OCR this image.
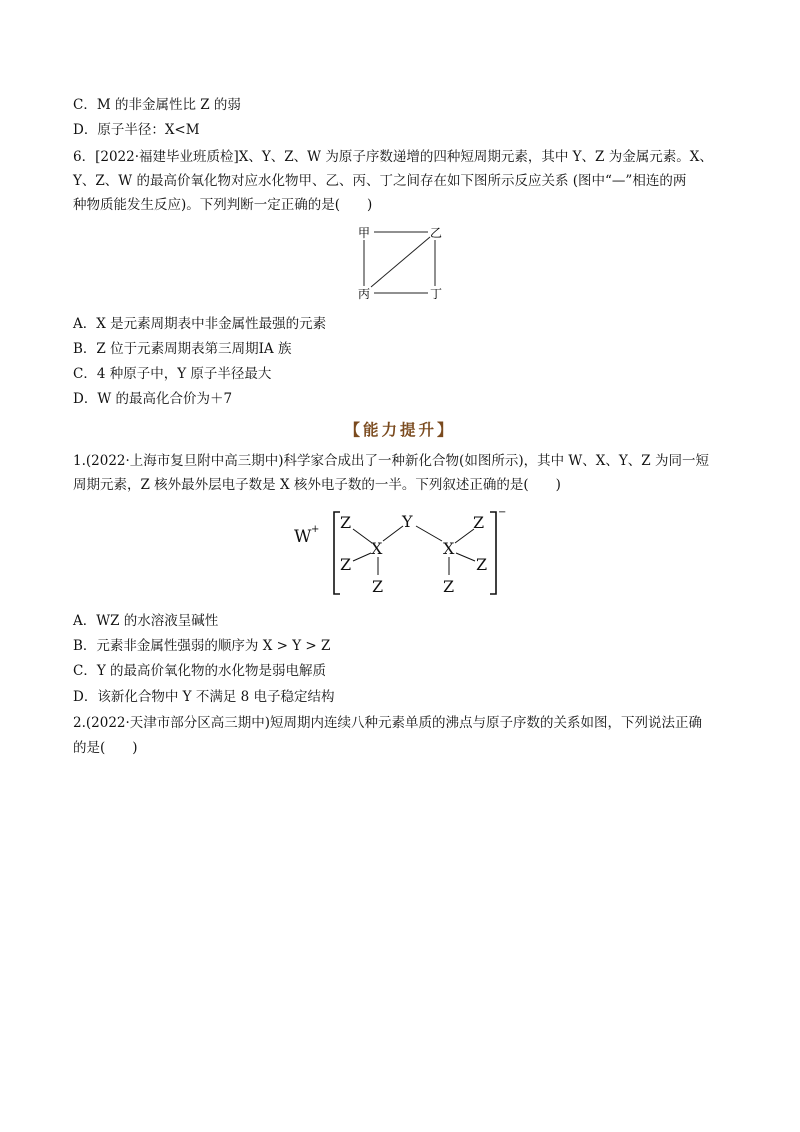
C．M 的非金属性比 Z 的弱
D．原子半径：X<M
6．[2022·福建毕业班质检]X、Y、Z、W 为原子序数递增的四种短周期元素，其中 Y、Z 为金属元素。X、
Y、Z、W 的最高价氧化物对应水化物甲、乙、丙、丁之间存在如下图所示反应关系 (图中“—”相连的两
种物质能发生反应)。下列判断一定正确的是(　　)
甲	乙
丙	丁
A．X 是元素周期表中非金属性最强的元素
B．Z 位于元素周期表第三周期ⅠA 族
C．4 种原子中，Y 原子半径最大
D．W 的最高化合价为＋7
【能力提升】
1.(2022·上海市复旦附中高三期中)科学家合成出了一种新化合物(如图所示)，其中 W、X、Y、Z 为同一短
周期元素，Z 核外最外层电子数是 X 核外电子数的一半。下列叙述正确的是(　　)
W +
−
Z
Z
X
Z
Y
X
Z
Z
Z
A．WZ 的水溶液呈碱性
B．元素非金属性强弱的顺序为 X > Y > Z
C．Y 的最高价氧化物的水化物是弱电解质
D．该新化合物中 Y 不满足 8 电子稳定结构
2.(2022·天津市部分区高三期中)短周期内连续八种元素单质的沸点与原子序数的关系如图，下列说法正确
的是(　　)
